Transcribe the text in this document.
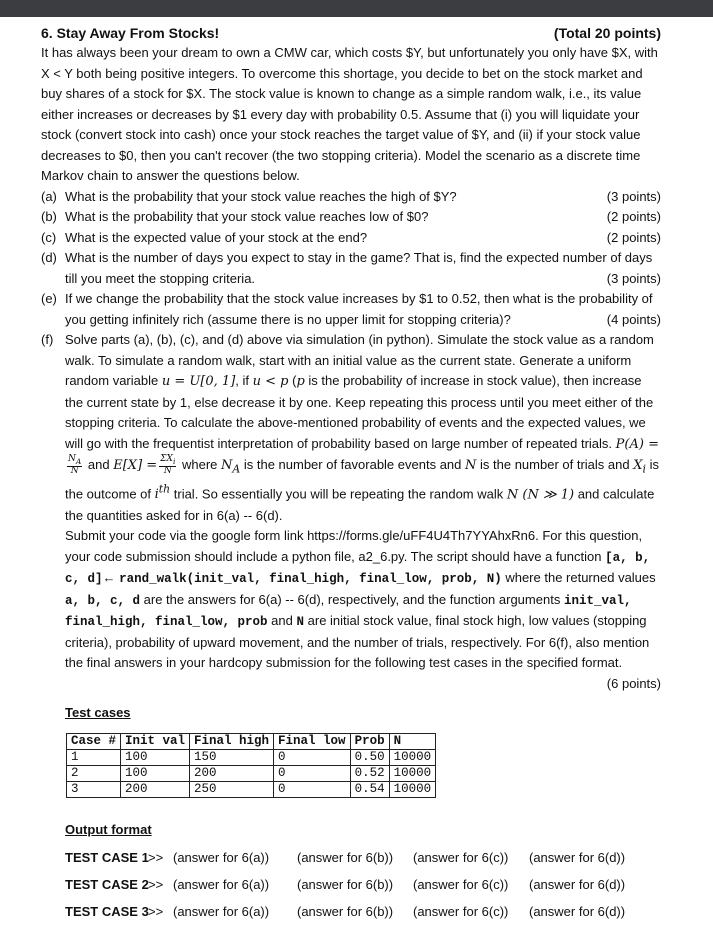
6. Stay Away From Stocks!	(Total 20 points)

It has always been your dream to own a CMW car, which costs $Y, but unfortunately you only have $X, with X < Y both being positive integers. To overcome this shortage, you decide to bet on the stock market and buy shares of a stock for $X. The stock value is known to change as a simple random walk, i.e., its value either increases or decreases by $1 every day with probability 0.5. Assume that (i) you will liquidate your stock (convert stock into cash) once your stock reaches the target value of $Y, and (ii) if your stock value decreases to $0, then you can't recover (the two stopping criteria). Model the scenario as a discrete time Markov chain to answer the questions below.

(a) What is the probability that your stock value reaches the high of $Y?	(3 points)
(b) What is the probability that your stock value reaches low of $0?	(2 points)
(c) What is the expected value of your stock at the end?	(2 points)
(d) What is the number of days you expect to stay in the game? That is, find the expected number of days till you meet the stopping criteria.	(3 points)
(e) If we change the probability that the stock value increases by $1 to 0.52, then what is the probability of you getting infinitely rich (assume there is no upper limit for stopping criteria)?	(4 points)
(f) Solve parts (a), (b), (c), and (d) above via simulation (in python). Simulate the stock value as a random walk. To simulate a random walk, start with an initial value as the current state. Generate a uniform random variable u = U[0, 1], if u < p (p is the probability of increase in stock value), then increase the current state by 1, else decrease it by one. Keep repeating this process until you meet either of the stopping criteria. To calculate the above-mentioned probability of events and the expected values, we will go with the frequentist interpretation of probability based on large number of repeated trials. P(A) =
$\frac{N_A}{N}$ and $E[X] = \frac{\Sigma X_i}{N}$ where $N_A$ is the number of favorable events and N is the number of trials and $X_i$ is the outcome of $i^{th}$ trial. So essentially you will be repeating the random walk N (N ≫ 1) and calculate the quantities asked for in 6(a) -- 6(d).
Submit your code via the google form link https://forms.gle/uFF4U4Th7YYAhxRn6. For this question, your code submission should include a python file, a2_6.py. The script should have a function [a, b, c, d]← rand_walk(init_val, final_high, final_low, prob, N) where the returned values a, b, c, d are the answers for 6(a) -- 6(d), respectively, and the function arguments init_val, final_high, final_low, prob and N are initial stock value, final stock high, low values (stopping criteria), probability of upward movement, and the number of trials, respectively. For 6(f), also mention the final answers in your hardcopy submission for the following test cases in the specified format.
(6 points)
Test cases
Case #	Init val	Final high	Final low	Prob	N
1	100	150	0	0.50	10000
2	100	200	0	0.52	10000
3	200	250	0	0.54	10000
Output format
TEST CASE 1 >> (answer for 6(a)) (answer for 6(b)) (answer for 6(c)) (answer for 6(d))
TEST CASE 2 >> (answer for 6(a)) (answer for 6(b)) (answer for 6(c)) (answer for 6(d))
TEST CASE 3 >> (answer for 6(a)) (answer for 6(b)) (answer for 6(c)) (answer for 6(d))
